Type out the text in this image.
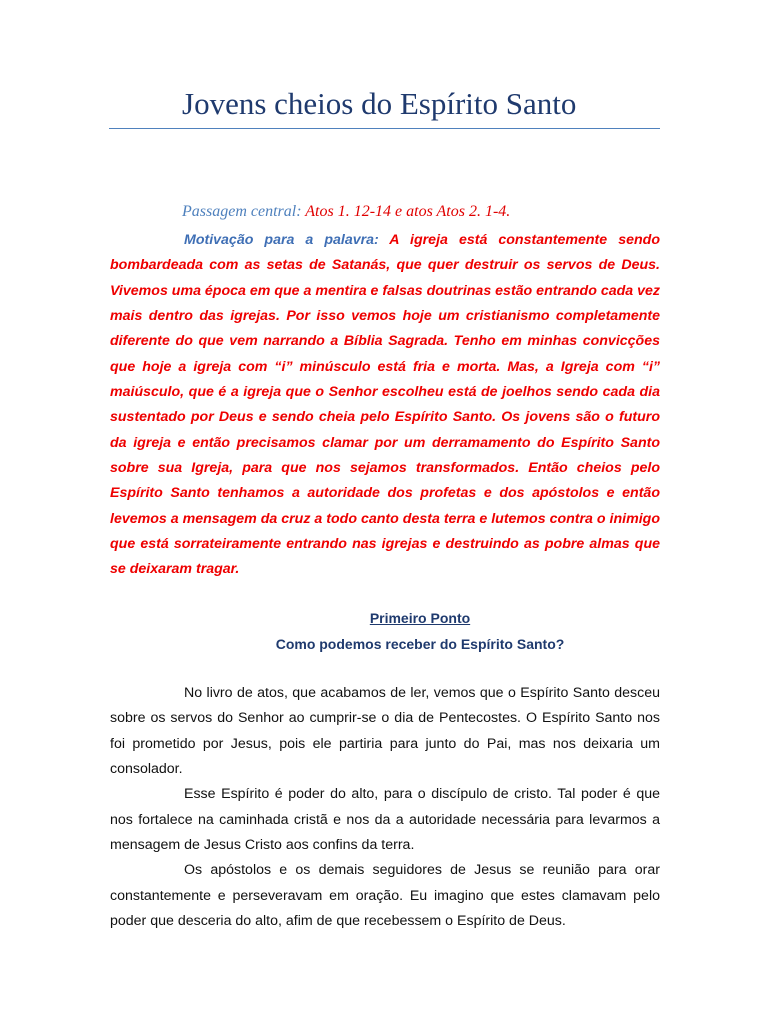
Jovens cheios do Espírito Santo
Passagem central: Atos 1. 12-14 e atos Atos 2. 1-4.

Motivação para a palavra: A igreja está constantemente sendo bombardeada com as setas de Satanás, que quer destruir os servos de Deus. Vivemos uma época em que a mentira e falsas doutrinas estão entrando cada vez mais dentro das igrejas. Por isso vemos hoje um cristianismo completamente diferente do que vem narrando a Bíblia Sagrada. Tenho em minhas convicções que hoje a igreja com “i” minúsculo está fria e morta. Mas, a Igreja com “i” maiúsculo, que é a igreja que o Senhor escolheu está de joelhos sendo cada dia sustentado por Deus e sendo cheia pelo Espírito Santo. Os jovens são o futuro da igreja e então precisamos clamar por um derramamento do Espírito Santo sobre sua Igreja, para que nos sejamos transformados. Então cheios pelo Espírito Santo tenhamos a autoridade dos profetas e dos apóstolos e então levemos a mensagem da cruz a todo canto desta terra e lutemos contra o inimigo que está sorrateiramente entrando nas igrejas e destruindo as pobre almas que se deixaram tragar.

Primeiro Ponto
Como podemos receber do Espírito Santo?

No livro de atos, que acabamos de ler, vemos que o Espírito Santo desceu sobre os servos do Senhor ao cumprir-se o dia de Pentecostes. O Espírito Santo nos foi prometido por Jesus, pois ele partiria para junto do Pai, mas nos deixaria um consolador.

Esse Espírito é poder do alto, para o discípulo de cristo. Tal poder é que nos fortalece na caminhada cristã e nos da a autoridade necessária para levarmos a mensagem de Jesus Cristo aos confins da terra.

Os apóstolos e os demais seguidores de Jesus se reunião para orar constantemente e perseveravam em oração. Eu imagino que estes clamavam pelo poder que desceria do alto, afim de que recebessem o Espírito de Deus.
